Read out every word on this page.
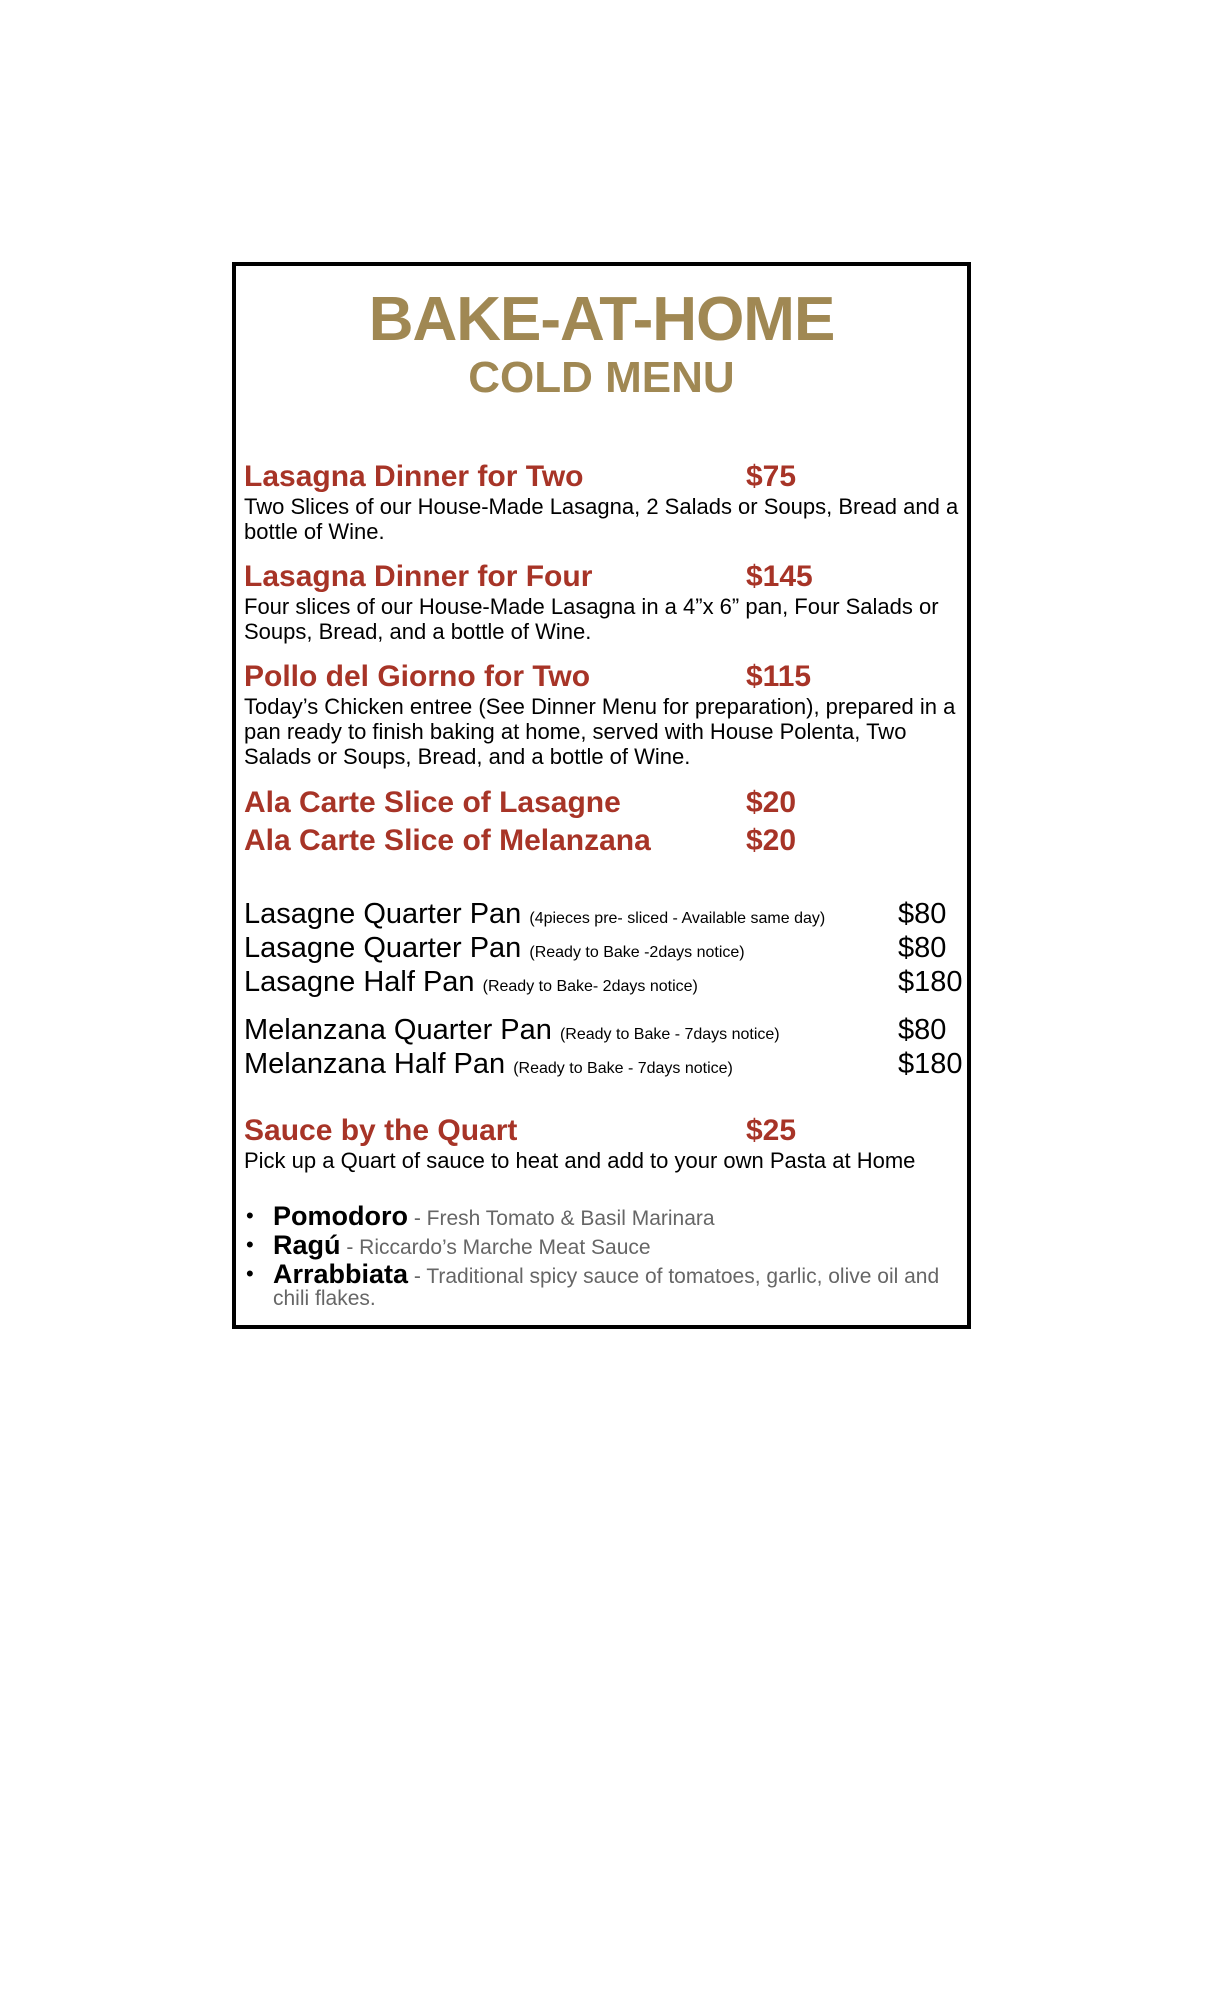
BAKE-AT-HOME
COLD MENU
Lasagna Dinner for Two	$75
Two Slices of our House-Made Lasagna, 2 Salads or Soups, Bread and a bottle of Wine.
Lasagna Dinner for Four	$145
Four slices of our House-Made Lasagna in a 4”x 6” pan, Four Salads or Soups, Bread, and a bottle of Wine.
Pollo del Giorno for Two	$115
Today’s Chicken entree (See Dinner Menu for preparation), prepared in a pan ready to finish baking at home, served with House Polenta, Two Salads or Soups, Bread, and a bottle of Wine.
Ala Carte Slice of Lasagne	$20
Ala Carte Slice of Melanzana	$20
Lasagne Quarter Pan (4pieces pre- sliced - Available same day)	$80
Lasagne Quarter Pan (Ready to Bake -2days notice)	$80
Lasagne Half Pan (Ready to Bake- 2days notice)	$180
Melanzana Quarter Pan (Ready to Bake - 7days notice)	$80
Melanzana Half Pan (Ready to Bake - 7days notice)	$180
Sauce by the Quart	$25
Pick up a Quart of sauce to heat and add to your own Pasta at Home
• Pomodoro - Fresh Tomato & Basil Marinara
• Ragú - Riccardo’s Marche Meat Sauce
• Arrabbiata - Traditional spicy sauce of tomatoes, garlic, olive oil and chili flakes.
